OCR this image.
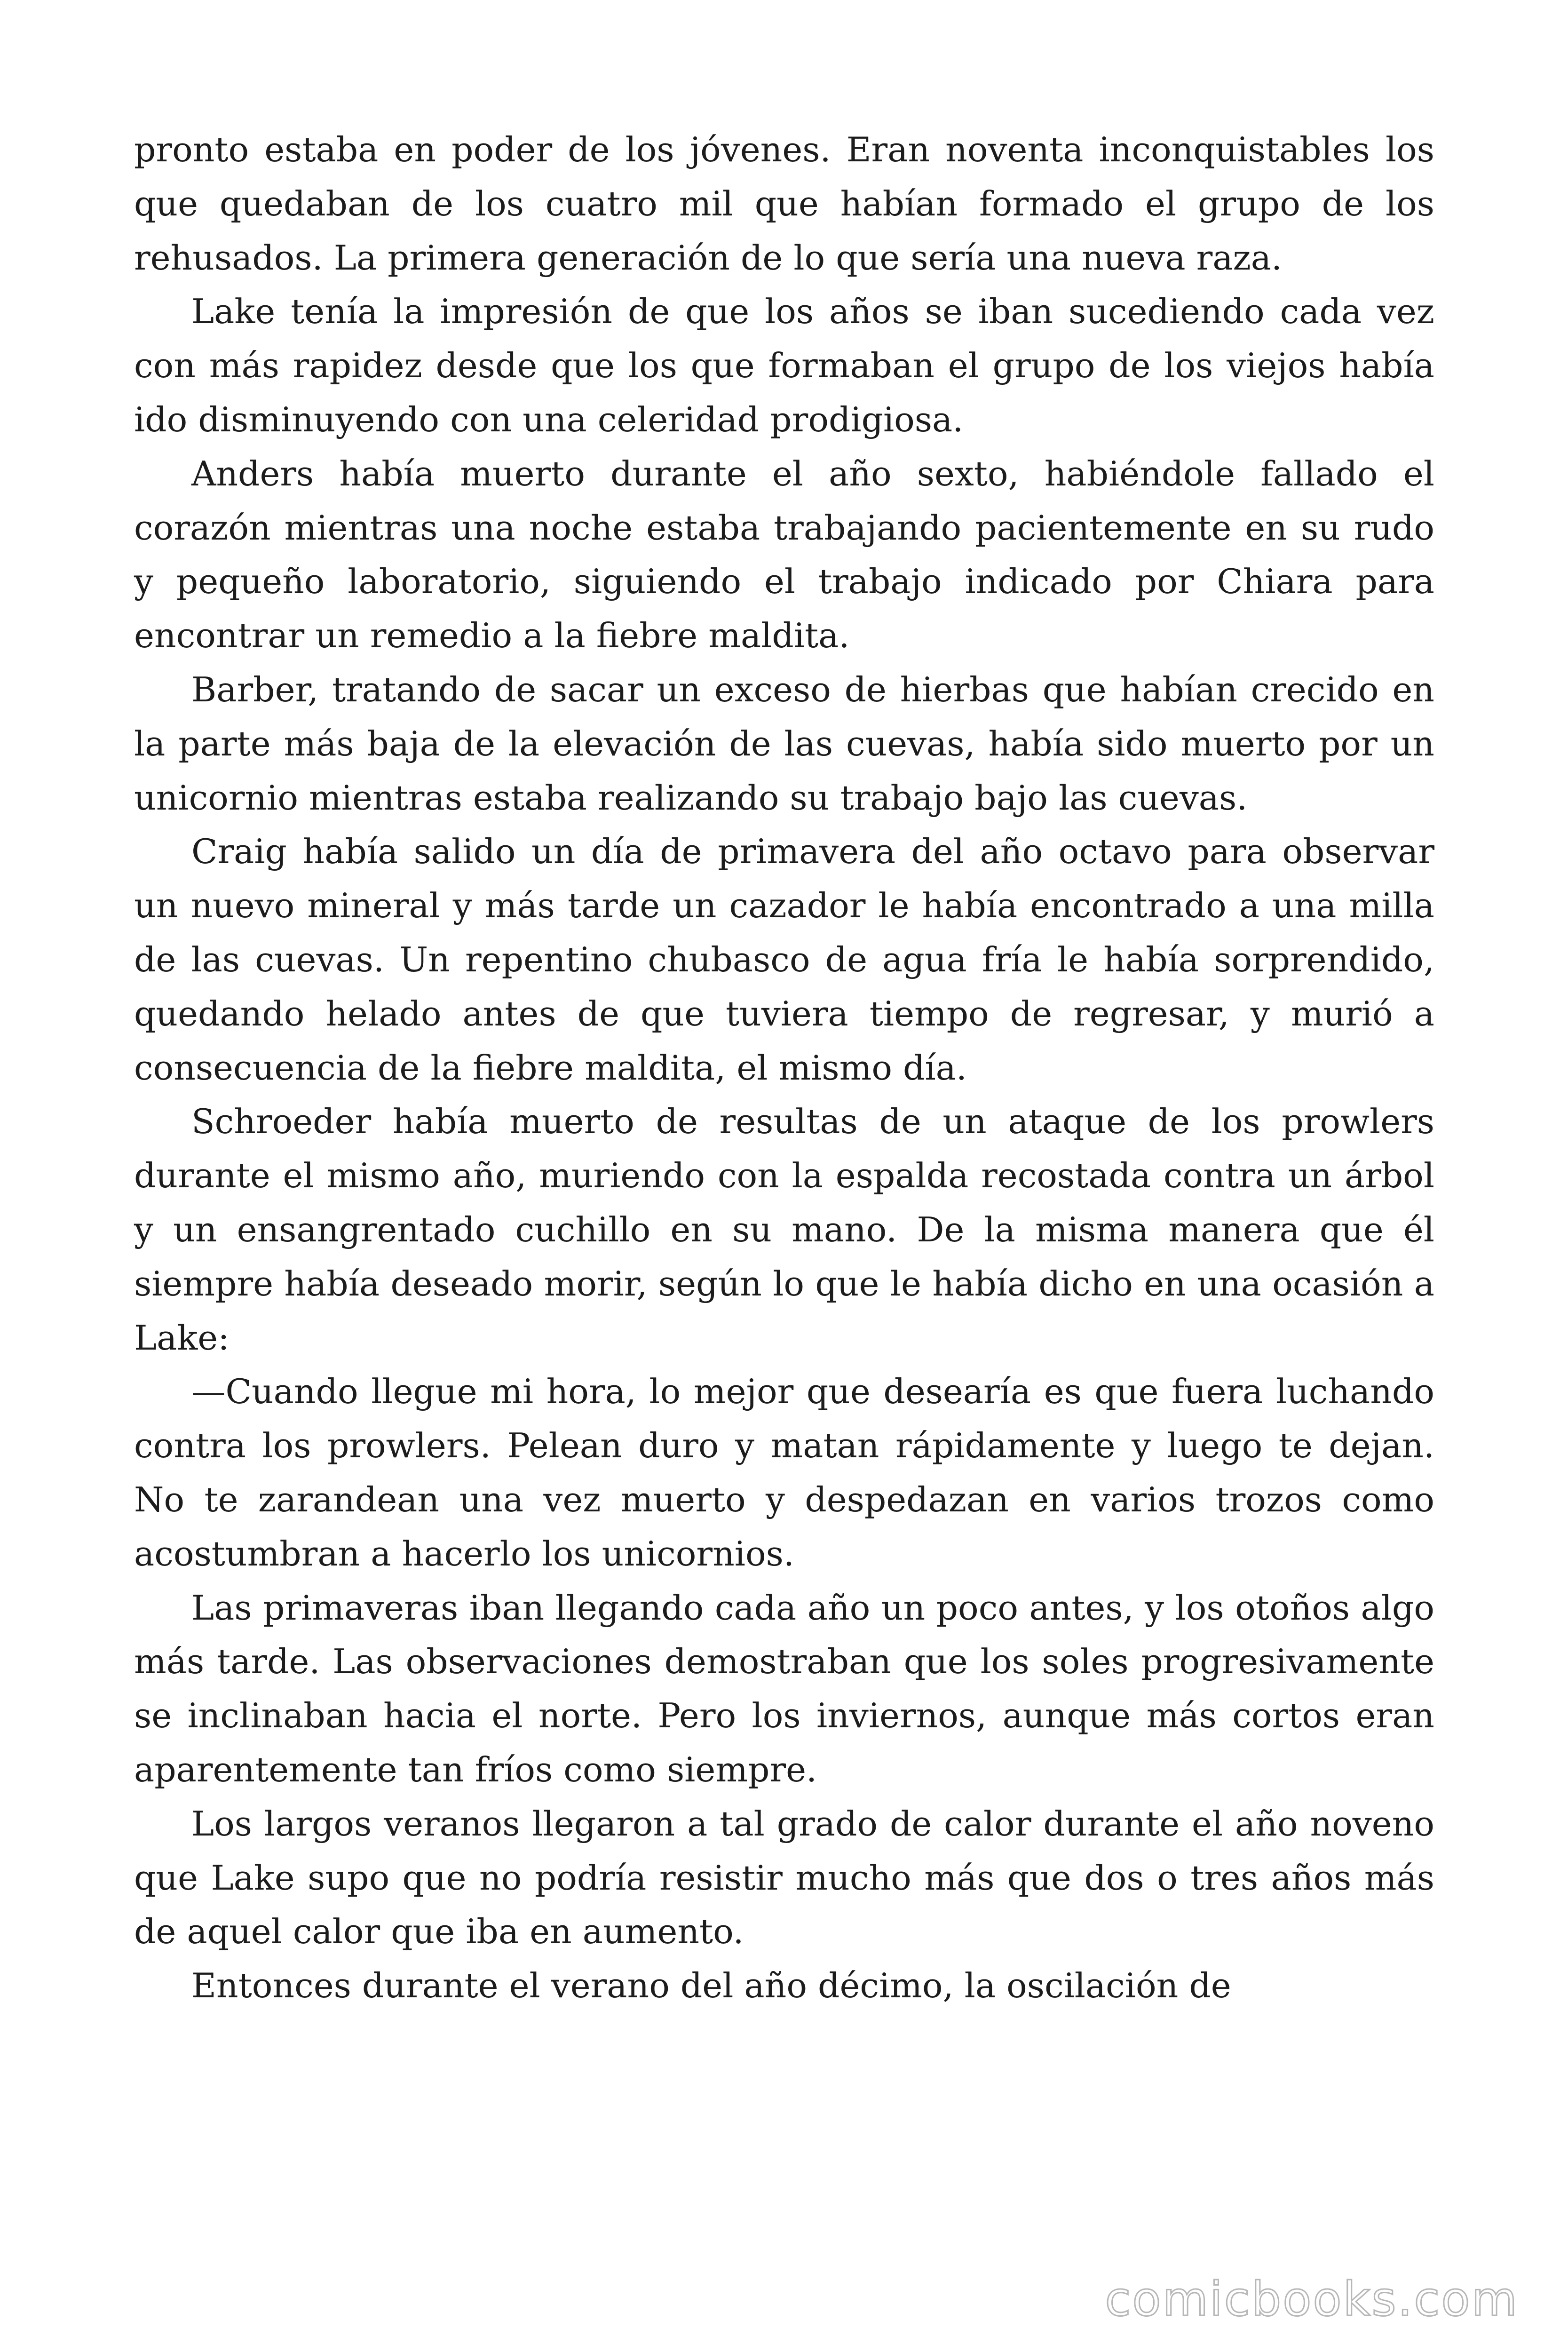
pronto estaba en poder de los jóvenes. Eran noventa inconquistables los que quedaban de los cuatro mil que habían formado el grupo de los rehusados. La primera generación de lo que sería una nueva raza.

Lake tenía la impresión de que los años se iban sucediendo cada vez con más rapidez desde que los que formaban el grupo de los viejos había ido disminuyendo con una celeridad prodigiosa.

Anders había muerto durante el año sexto, habiéndole fallado el corazón mientras una noche estaba trabajando pacientemente en su rudo y pequeño laboratorio, siguiendo el trabajo indicado por Chiara para encontrar un remedio a la fiebre maldita.

Barber, tratando de sacar un exceso de hierbas que habían crecido en la parte más baja de la elevación de las cuevas, había sido muerto por un unicornio mientras estaba realizando su trabajo bajo las cuevas.

Craig había salido un día de primavera del año octavo para observar un nuevo mineral y más tarde un cazador le había encontrado a una milla de las cuevas. Un repentino chubasco de agua fría le había sorprendido, quedando helado antes de que tuviera tiempo de regresar, y murió a consecuencia de la fiebre maldita, el mismo día.

Schroeder había muerto de resultas de un ataque de los prowlers durante el mismo año, muriendo con la espalda recostada contra un árbol y un ensangrentado cuchillo en su mano. De la misma manera que él siempre había deseado morir, según lo que le había dicho en una ocasión a Lake:

—Cuando llegue mi hora, lo mejor que desearía es que fuera luchando contra los prowlers. Pelean duro y matan rápidamente y luego te dejan. No te zarandean una vez muerto y despedazan en varios trozos como acostumbran a hacerlo los unicornios.

Las primaveras iban llegando cada año un poco antes, y los otoños algo más tarde. Las observaciones demostraban que los soles progresivamente se inclinaban hacia el norte. Pero los inviernos, aunque más cortos eran aparentemente tan fríos como siempre.

Los largos veranos llegaron a tal grado de calor durante el año noveno que Lake supo que no podría resistir mucho más que dos o tres años más de aquel calor que iba en aumento.

Entonces durante el verano del año décimo, la oscilación de

comicbooks.com
